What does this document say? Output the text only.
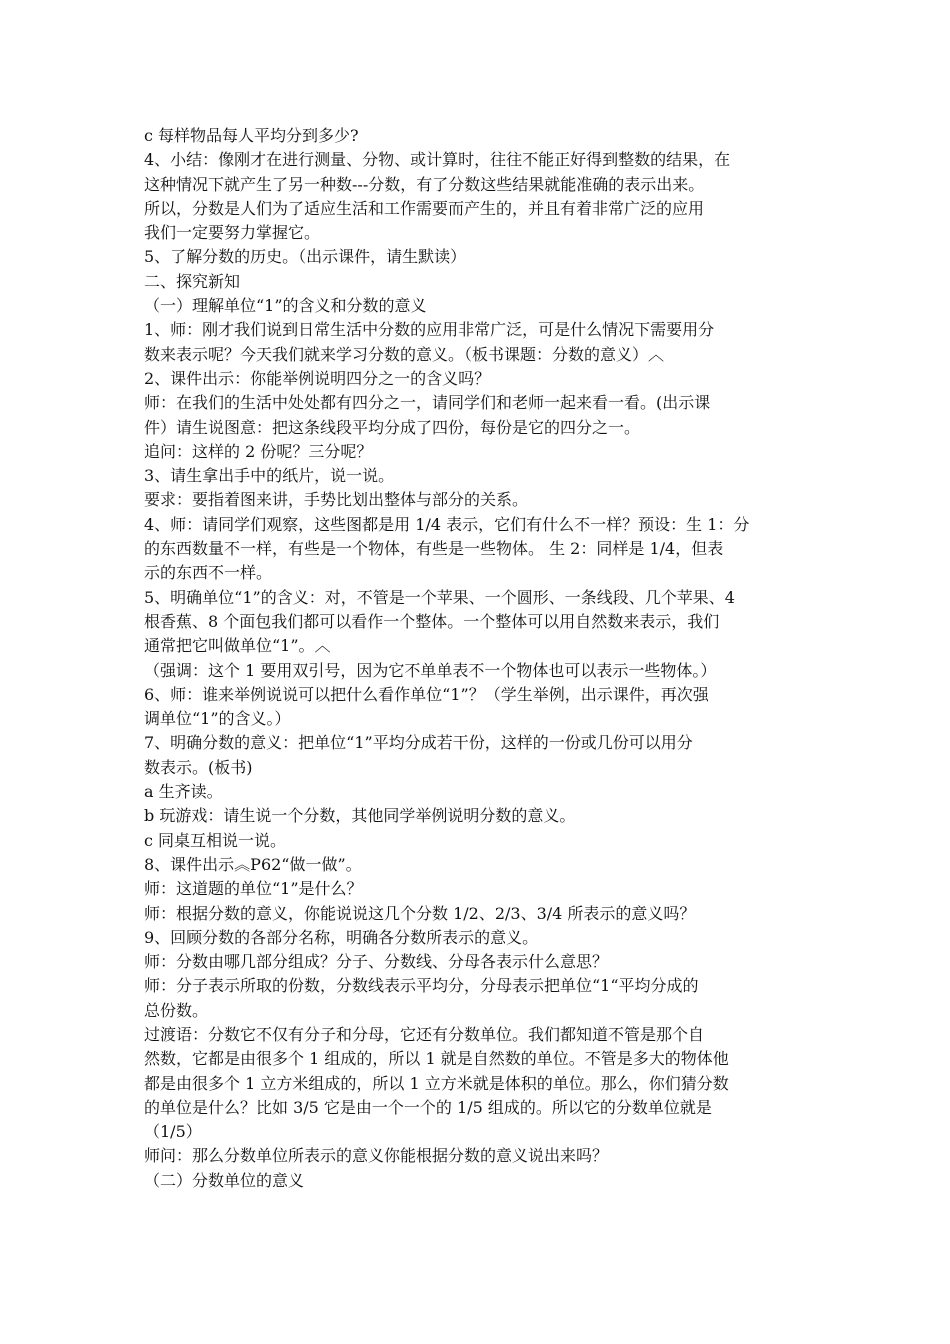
c 每样物品每人平均分到多少?
4、小结：像刚才在进行测量、分物、或计算时，往往不能正好得到整数的结果，在
这种情况下就产生了另一种数---分数，有了分数这些结果就能准确的表示出来。
所以，分数是人们为了适应生活和工作需要而产生的，并且有着非常广泛的应用
我们一定要努力掌握它。
5、了解分数的历史。（出示课件，请生默读）
二、探究新知
（一）理解单位“1”的含义和分数的意义
1、师：刚才我们说到日常生活中分数的应用非常广泛，可是什么情况下需要用分
数来表示呢？今天我们就来学习分数的意义。（板书课题：分数的意义）︿
2、课件出示：你能举例说明四分之一的含义吗？
师：在我们的生活中处处都有四分之一，请同学们和老师一起来看一看。(出示课
件）请生说图意：把这条线段平均分成了四份，每份是它的四分之一。
追问：这样的 2 份呢？三分呢？
3、请生拿出手中的纸片，说一说。
要求：要指着图来讲，手势比划出整体与部分的关系。
4、师：请同学们观察，这些图都是用 1/4 表示，它们有什么不一样？预设：生 1：分
的东西数量不一样，有些是一个物体，有些是一些物体。 生 2：同样是 1/4，但表
示的东西不一样。
5、明确单位“1”的含义：对，不管是一个苹果、一个圆形、一条线段、几个苹果、4
根香蕉、8 个面包我们都可以看作一个整体。一个整体可以用自然数来表示，我们
通常把它叫做单位“1”。︿
（强调：这个 1 要用双引号，因为它不单单表不一个物体也可以表示一些物体。）
6、师：谁来举例说说可以把什么看作单位“1”？（学生举例，出示课件，再次强
调单位“1”的含义。）
7、明确分数的意义：把单位“1”平均分成若干份，这样的一份或几份可以用分
数表示。(板书)
a 生齐读。
b 玩游戏：请生说一个分数，其他同学举例说明分数的意义。
c 同桌互相说一说。
8、课件出示︽P62“做一做”。
师：这道题的单位“1”是什么？
师：根据分数的意义，你能说说这几个分数 1/2、2/3、3/4 所表示的意义吗？
9、回顾分数的各部分名称，明确各分数所表示的意义。
师：分数由哪几部分组成？分子、分数线、分母各表示什么意思？
师：分子表示所取的份数，分数线表示平均分，分母表示把单位“1“平均分成的
总份数。
过渡语：分数它不仅有分子和分母，它还有分数单位。我们都知道不管是那个自
然数，它都是由很多个 1 组成的，所以 1 就是自然数的单位。不管是多大的物体他
都是由很多个 1 立方米组成的，所以 1 立方米就是体积的单位。那么，你们猜分数
的单位是什么？比如 3/5 它是由一个一个的 1/5 组成的。所以它的分数单位就是
（1/5）
师问：那么分数单位所表示的意义你能根据分数的意义说出来吗？
（二）分数单位的意义
